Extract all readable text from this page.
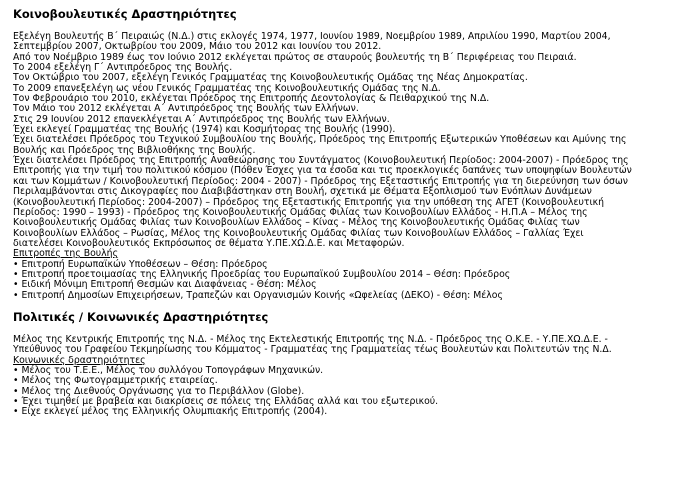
Κοινοβουλευτικές Δραστηριότητες
Εξελέγη Βουλευτής Β΄ Πειραιώς (Ν.Δ.) στις εκλογές 1974, 1977, Ιουνίου 1989, Νοεμβρίου 1989, Απριλίου 1990, Μαρτίου 2004,
Σεπτεμβρίου 2007, Οκτωβρίου του 2009, Μάιο του 2012 και Ιουνίου του 2012.
Από τον Νοέμβριο 1989 έως τον Ιούνιο 2012 εκλέγεται πρώτος σε σταυρούς βουλευτής τη Β΄ Περιφέρειας του Πειραιά.
Το 2004 εξελέγη Γ΄ Αντιπρόεδρος της Βουλής.
Τον Οκτώβριο του 2007, εξελέγη Γενικός Γραμματέας της Κοινοβουλευτικής Ομάδας της Νέας Δημοκρατίας.
Το 2009 επανεξελέγη ως νέου Γενικός Γραμματέας της Κοινοβουλευτικής Ομάδας της Ν.Δ.
Τον Φεβρουάριο του 2010, εκλέγεται Πρόεδρος της Επιτροπής Δεοντολογίας & Πειθαρχικού της Ν.Δ.
Τον Μάιο του 2012 εκλέγεται Α΄ Αντιπρόεδρος της Βουλής των Ελλήνων.
Στις 29 Ιουνίου 2012 επανεκλέγεται Α΄ Αντιπρόεδρος της Βουλής των Ελλήνων.
Έχει εκλεγεί Γραμματέας της Βουλής (1974) και Κοσμήτορας της Βουλής (1990).
Έχει διατελέσει Πρόεδρος του Τεχνικού Συμβουλίου της Βουλής, Πρόεδρος της Επιτροπής Εξωτερικών Υποθέσεων και Αμύνης της
Βουλής και Πρόεδρος της Βιβλιοθήκης της Βουλής.
Έχει διατελέσει Πρόεδρος της Επιτροπής Αναθεώρησης του Συντάγματος (Κοινοβουλευτική Περίοδος: 2004-2007) - Πρόεδρος της
Επιτροπής για την τιμή του πολιτικού κόσμου (Πόθεν Έσχες για τα έσοδα και τις προεκλογικές δαπάνες των υποψηφίων Βουλευτών
και των Κομμάτων / Κοινοβουλευτική Περίοδος: 2004 - 2007) - Πρόεδρος της Εξεταστικής Επιτροπής για τη διερεύνηση των όσων
Περιλαμβάνονται στις Δικογραφίες που Διαβιβάστηκαν στη Βουλή, σχετικά με Θέματα Εξοπλισμού των Ενόπλων Δυνάμεων
(Κοινοβουλευτική Περίοδος: 2004-2007) – Πρόεδρος της Εξεταστικής Επιτροπής για την υπόθεση της ΑΓΕΤ (Κοινοβουλευτική
Περίοδος: 1990 – 1993) - Πρόεδρος της Κοινοβουλευτικής Ομάδας Φιλίας των Κοινοβουλίων Ελλάδος - Η.Π.Α – Μέλος της
Κοινοβουλευτικής Ομάδας Φιλίας των Κοινοβουλίων Ελλάδος – Κίνας - Μέλος της Κοινοβουλευτικής Ομάδας Φιλίας των
Κοινοβουλίων Ελλάδος – Ρωσίας, Μέλος της Κοινοβουλευτικής Ομάδας Φιλίας των Κοινοβουλίων Ελλάδος – Γαλλίας Έχει
διατελέσει Κοινοβουλευτικός Εκπρόσωπος σε θέματα Υ.ΠΕ.ΧΩ.Δ.Ε. και Μεταφορών.
Επιτροπές της Βουλής
• Επιτροπή Ευρωπαϊκών Υποθέσεων – Θέση: Πρόεδρος
• Επιτροπή προετοιμασίας της Ελληνικής Προεδρίας του Ευρωπαϊκού Συμβουλίου 2014 – Θέση: Πρόεδρος
• Ειδική Μόνιμη Επιτροπή Θεσμών και Διαφάνειας - Θέση: Μέλος
• Επιτροπή Δημοσίων Επιχειρήσεων, Τραπεζών και Οργανισμών Κοινής «Ωφελείας (ΔΕΚΟ) - Θέση: Μέλος
Πολιτικές / Κοινωνικές Δραστηριότητες
Μέλος της Κεντρικής Επιτροπής της Ν.Δ. - Μέλος της Εκτελεστικής Επιτροπής της Ν.Δ. - Πρόεδρος της Ο.Κ.Ε. - Υ.ΠΕ.ΧΩ.Δ.Ε. -
Υπεύθυνος του Γραφείου Τεκμηρίωσης του Κόμματος - Γραμματέας της Γραμματείας τέως Βουλευτών και Πολιτευτών της Ν.Δ.
Κοινωνικές δραστηριότητες
• Μέλος του Τ.Ε.Ε., Μέλος του συλλόγου Τοπογράφων Μηχανικών.
• Μέλος της Φωτογραμμετρικής εταιρείας.
• Μέλος της Διεθνούς Οργάνωσης για το Περιβάλλον (Globe).
• Έχει τιμηθεί με βραβεία και διακρίσεις σε πόλεις της Ελλάδας αλλά και του εξωτερικού.
• Είχε εκλεγεί μέλος της Ελληνικής Ολυμπιακής Επιτροπής (2004).
